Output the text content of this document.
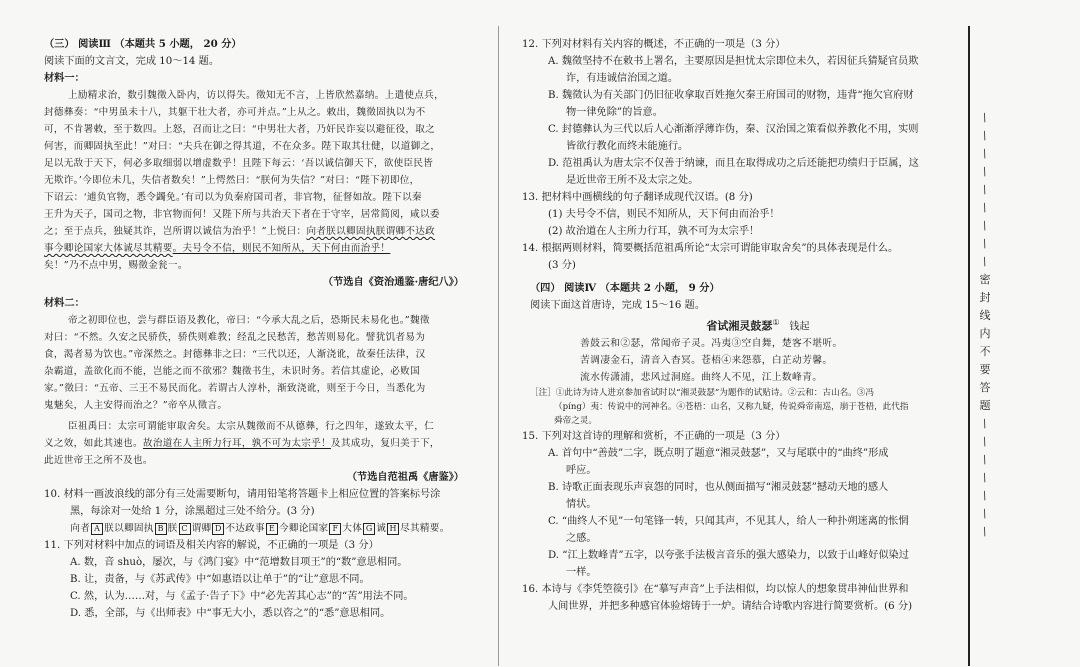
（三） 阅读Ⅲ （本题共 5 小题， 20 分）
阅读下面的文言文，完成 10～14 题。
材料一：
上励精求治，数引魏徵入卧内，访以得失。徵知无不言，上皆欣然嘉纳。上遣使点兵，
封德彝奏：“中男虽未十八，其躯干壮大者，亦可并点。”上从之。敕出，魏徵固执以为不
可，不肯署敕，至于数四。上怒，召而让之曰：“中男壮大者，乃奸民诈妄以避征役，取之
何害，而卿固执至此！”对曰：“夫兵在御之得其道，不在众多。陛下取其壮健，以道御之，
足以无敌于天下，何必多取细弱以增虚数乎！且陛下每云：‘吾以诚信御天下，欲使臣民皆
无欺诈。’今即位未几，失信者数矣！”上愕然曰：“朕何为失信？”对曰：“陛下初即位，
下诏云：‘逋负官物，悉令蠲免。’有司以为负秦府国司者，非官物，征督如故。陛下以秦
王升为天子，国司之物，非官物而何！又陛下所与共治天下者在于守宰，居常简阅，咸以委
之；至于点兵，独疑其诈，岂所谓以诚信为治乎！”上悦曰：向者朕以卿固执朕谓卿不达政
事今卿论国家大体诚尽其精要。夫号令不信，则民不知所从，天下何由而治乎！
矣！”乃不点中男，赐徵金瓮一。
（节选自《资治通鉴·唐纪八》）
材料二：
帝之初即位也，尝与群臣语及教化，帝曰：“今承大乱之后，恐斯民未易化也。”魏徵
对曰：“不然。久安之民骄佚，骄佚则难教；经乱之民愁苦，愁苦则易化。譬犹饥者易为
食，渴者易为饮也。”帝深然之。封德彝非之曰：“三代以还，人渐浇讹，故秦任法律，汉
杂霸道，盖欲化而不能，岂能之而不欲邪？魏徵书生，未识时务。若信其虚论，必败国
家。”徵曰：“五帝、三王不易民而化。若谓古人淳朴，渐致浇讹，则至于今日，当悉化为
鬼魅矣，人主安得而治之？”帝卒从徵言。
臣祖禹曰：太宗可谓能审取舍矣。太宗从魏徵而不从德彝，行之四年，遂致太平，仁
义之效，如此其速也。故治道在人主所力行耳，孰不可为太宗乎！及其成功，复归美于下，
此近世帝王之所不及也。
（节选自范祖禹《唐鉴》）
10. 材料一画波浪线的部分有三处需要断句，请用铅笔将答题卡上相应位置的答案标号涂
黑，每涂对一处给 1 分，涂黑超过三处不给分。(3 分)
向者 A 朕以卿固执 B 朕 C 谓卿 D 不达政事 E 今卿论国家 F 大体 G 诚 H 尽其精要。
11. 下列对材料中加点的词语及相关内容的解说，不正确的一项是（3 分）
A. 数，音 shuò，屡次，与《鸿门宴》中“范增数目项王”的“数”意思相同。
B. 让，责备，与《苏武传》中“如惠语以让单于”的“让”意思不同。
C. 然，认为……对，与《孟子·告子下》中“必先苦其心志”的“苦”用法不同。
D. 悉，全部，与《出师表》中“事无大小，悉以咨之”的“悉”意思相同。
12. 下列对材料有关内容的概述，不正确的一项是（3 分）
A. 魏徵坚持不在敕书上署名，主要原因是担忧太宗即位未久，若因征兵猜疑官员欺
诈，有违诚信治国之道。
B. 魏徵认为有关部门仍旧征收拿取百姓拖欠秦王府国司的财物，违背“拖欠官府财
物一律免除”的旨意。
C. 封德彝认为三代以后人心渐渐浮薄诈伪，秦、汉治国之策看似养教化不用，实则
皆欲行教化而终未能施行。
D. 范祖禹认为唐太宗不仅善于纳谏，而且在取得成功之后还能把功绩归于臣属，这
是近世帝王所不及太宗之处。
13. 把材料中画横线的句子翻译成现代汉语。(8 分)
(1) 夫号令不信，则民不知所从，天下何由而治乎！
(2) 故治道在人主所力行耳，孰不可为太宗乎！
14. 根据两则材料，简要概括范祖禹所论“太宗可谓能审取舍矣”的具体表现是什么。
(3 分)
（四） 阅读Ⅳ （本题共 2 小题， 9 分）
阅读下面这首唐诗，完成 15～16 题。
省试湘灵鼓瑟① 钱起
善鼓云和②瑟，常闻帝子灵。冯夷③空自舞，楚客不堪听。
苦调凄金石，清音入杳冥。苍梧④来怨慕，白芷动芳馨。
流水传潇浦，悲风过洞庭。曲终人不见，江上数峰青。
［注］①此诗为诗人进京参加省试时以“湘灵鼓瑟”为题作的试贴诗。②云和：古山名。③冯
（píng）夷：传说中的河神名。④苍梧：山名，又称九疑，传说舜帝南巡，崩于苍梧，此代指
舜帝之灵。
15. 下列对这首诗的理解和赏析，不正确的一项是（3 分）
A. 首句中“善鼓”二字，既点明了题意“湘灵鼓瑟”，又与尾联中的“曲终”形成
呼应。
B. 诗歌正面表现乐声哀怨的同时，也从侧面描写“湘灵鼓瑟”撼动天地的感人
情状。
C. “曲终人不见”一句笔锋一转，只闻其声，不见其人，给人一种扑朔迷离的怅惘
之感。
D. “江上数峰青”五字，以夸张手法极言音乐的强大感染力，以致于山峰好似染过
一样。
16. 本诗与《李凭箜篌引》在“摹写声音”上手法相似，均以惊人的想象贯串神仙世界和
人间世界，并把多种感官体验熔铸于一炉。请结合诗歌内容进行简要赏析。(6 分)
/
/
/
/
/
/
/
/
/
密
封
线
内
不
要
答
题
/
/
/
/
/
/
/
